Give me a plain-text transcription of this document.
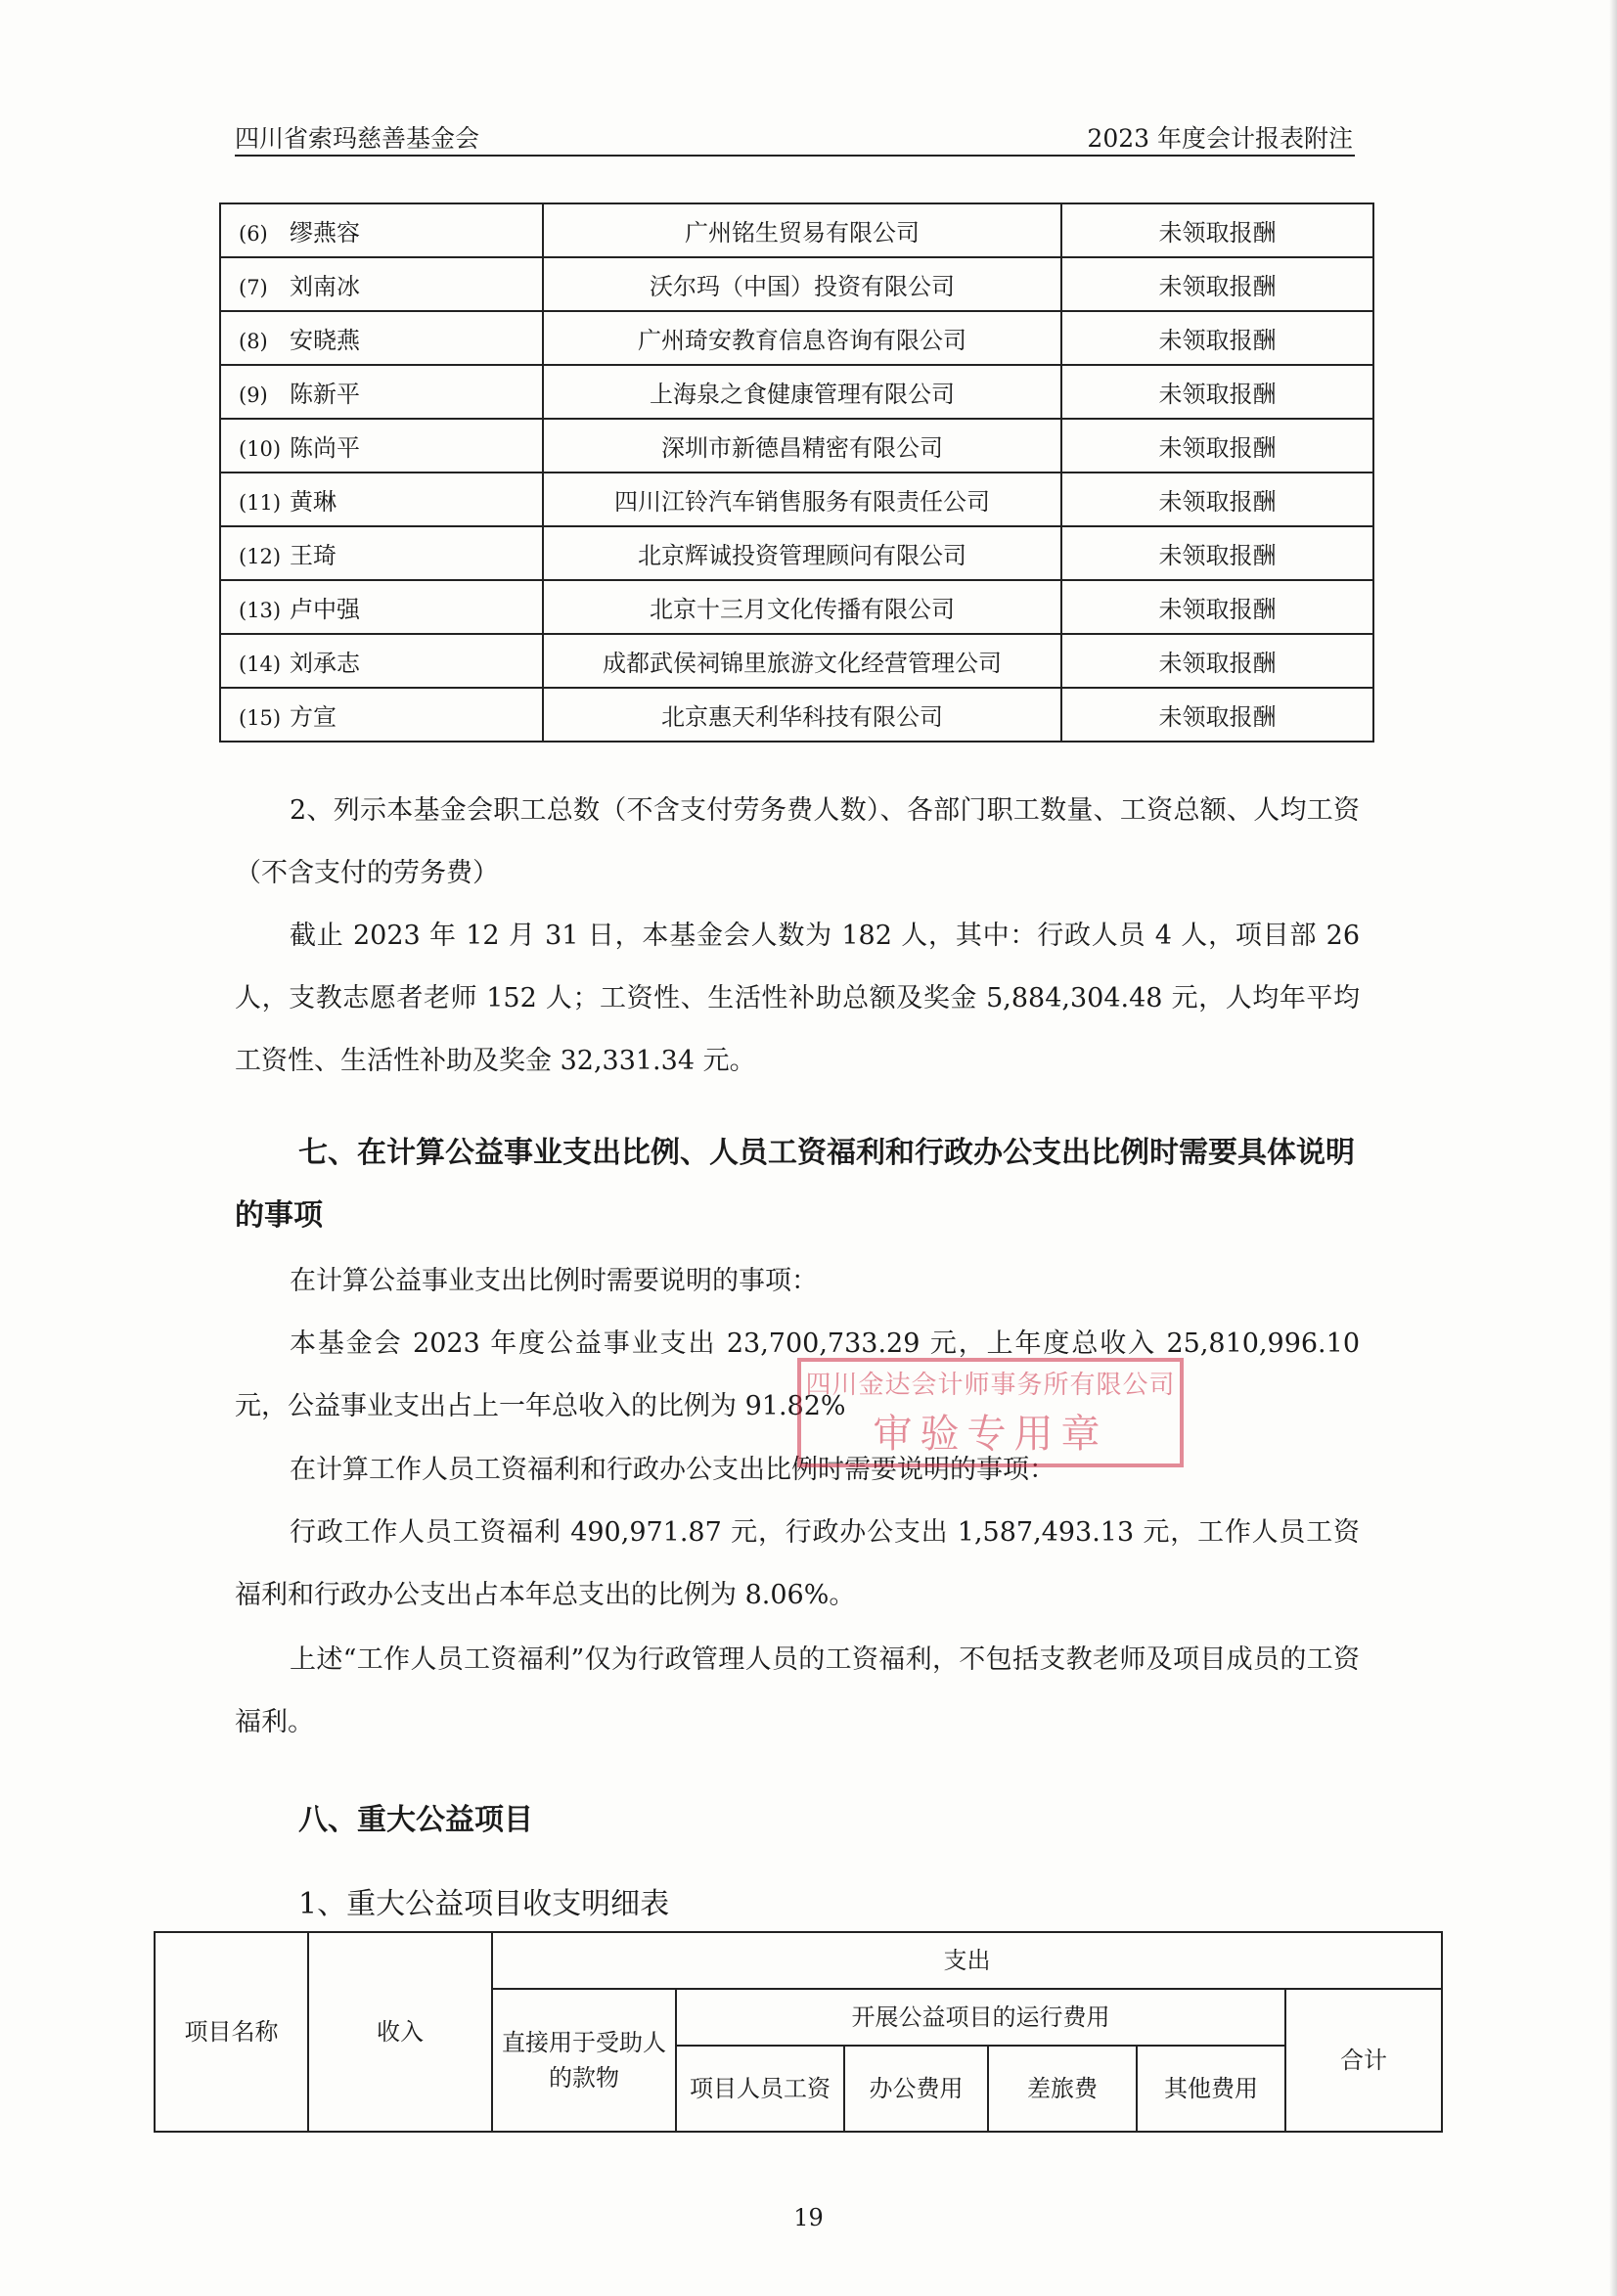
四川省索玛慈善基金会	2023 年度会计报表附注
(6) 缪燕容	广州铭生贸易有限公司	未领取报酬
(7) 刘南冰	沃尔玛（中国）投资有限公司	未领取报酬
(8) 安晓燕	广州琦安教育信息咨询有限公司	未领取报酬
(9) 陈新平	上海泉之食健康管理有限公司	未领取报酬
(10) 陈尚平	深圳市新德昌精密有限公司	未领取报酬
(11) 黄琳	四川江铃汽车销售服务有限责任公司	未领取报酬
(12) 王琦	北京辉诚投资管理顾问有限公司	未领取报酬
(13) 卢中强	北京十三月文化传播有限公司	未领取报酬
(14) 刘承志	成都武侯祠锦里旅游文化经营管理公司	未领取报酬
(15) 方宣	北京惠天利华科技有限公司	未领取报酬

2、列示本基金会职工总数（不含支付劳务费人数）、各部门职工数量、工资总额、人均工资（不含支付的劳务费）

截止 2023 年 12 月 31 日，本基金会人数为 182 人，其中：行政人员 4 人，项目部 26 人，支教志愿者老师 152 人；工资性、生活性补助总额及奖金 5,884,304.48 元，人均年平均工资性、生活性补助及奖金 32,331.34 元。

七、在计算公益事业支出比例、人员工资福利和行政办公支出比例时需要具体说明的事项

在计算公益事业支出比例时需要说明的事项：

本基金会 2023 年度公益事业支出 23,700,733.29 元，上年度总收入 25,810,996.10 元，公益事业支出占上一年总收入的比例为 91.82%

在计算工作人员工资福利和行政办公支出比例时需要说明的事项：

行政工作人员工资福利 490,971.87 元，行政办公支出 1,587,493.13 元，工作人员工资福利和行政办公支出占本年总支出的比例为 8.06%。

上述“工作人员工资福利”仅为行政管理人员的工资福利，不包括支教老师及项目成员的工资福利。

四川金达会计师事务所有限公司
审验专用章
八、重大公益项目
1、重大公益项目收支明细表
项目名称	收入	支出					
		直接用于受助人的款物	开展公益项目的运行费用				合计
			项目人员工资	办公费用	差旅费	其他费用	
19
